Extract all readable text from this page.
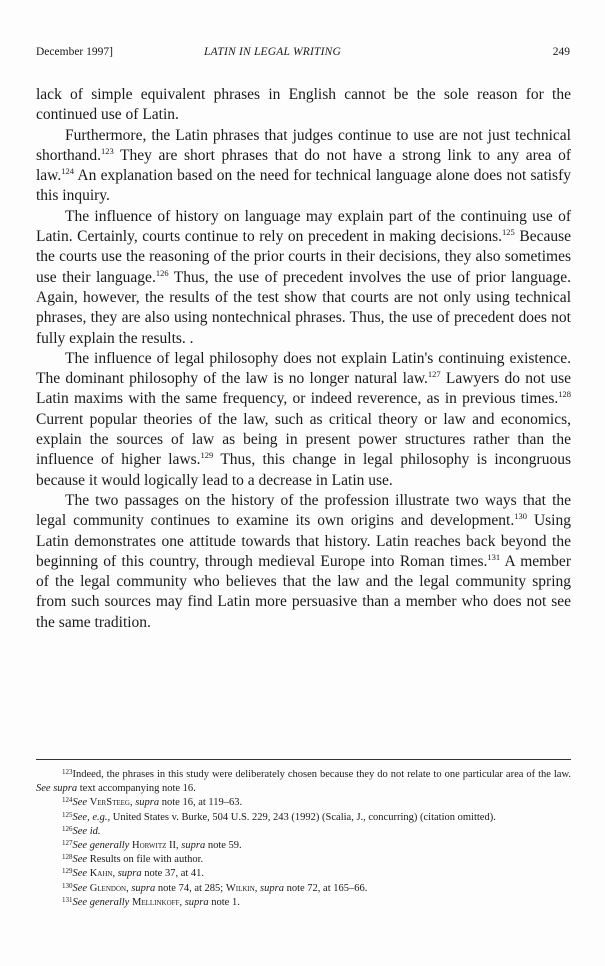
December 1997]	LATIN IN LEGAL WRITING	249

lack of simple equivalent phrases in English cannot be the sole reason for the continued use of Latin.

Furthermore, the Latin phrases that judges continue to use are not just technical shorthand.$^{123}$ They are short phrases that do not have a strong link to any area of law.$^{124}$ An explanation based on the need for technical language alone does not satisfy this inquiry.

The influence of history on language may explain part of the continuing use of Latin. Certainly, courts continue to rely on precedent in making decisions.$^{125}$ Because the courts use the reasoning of the prior courts in their decisions, they also sometimes use their language.$^{126}$ Thus, the use of precedent involves the use of prior language. Again, however, the results of the test show that courts are not only using technical phrases, they are also using nontechnical phrases. Thus, the use of precedent does not fully explain the results. .

The influence of legal philosophy does not explain Latin's continuing existence. The dominant philosophy of the law is no longer natural law.$^{127}$ Lawyers do not use Latin maxims with the same frequency, or indeed reverence, as in previous times.$^{128}$ Current popular theories of the law, such as critical theory or law and economics, explain the sources of law as being in present power structures rather than the influence of higher laws.$^{129}$ Thus, this change in legal philosophy is incongruous because it would logically lead to a decrease in Latin use.

The two passages on the history of the profession illustrate two ways that the legal community continues to examine its own origins and development.$^{130}$ Using Latin demonstrates one attitude towards that history. Latin reaches back beyond the beginning of this country, through medieval Europe into Roman times.$^{131}$ A member of the legal community who believes that the law and the legal community spring from such sources may find Latin more persuasive than a member who does not see the same tradition.

$^{123}$Indeed, the phrases in this study were deliberately chosen because they do not relate to one particular area of the law. See supra text accompanying note 16.

$^{124}$See VerSteeg, supra note 16, at 119–63.

$^{125}$See, e.g., United States v. Burke, 504 U.S. 229, 243 (1992) (Scalia, J., concurring) (citation omitted).

$^{126}$See id.

$^{127}$See generally Horwitz II, supra note 59.

$^{128}$See Results on file with author.

$^{129}$See Kahn, supra note 37, at 41.

$^{130}$See Glendon, supra note 74, at 285; Wilkin, supra note 72, at 165–66.

$^{131}$See generally Mellinkoff, supra note 1.
